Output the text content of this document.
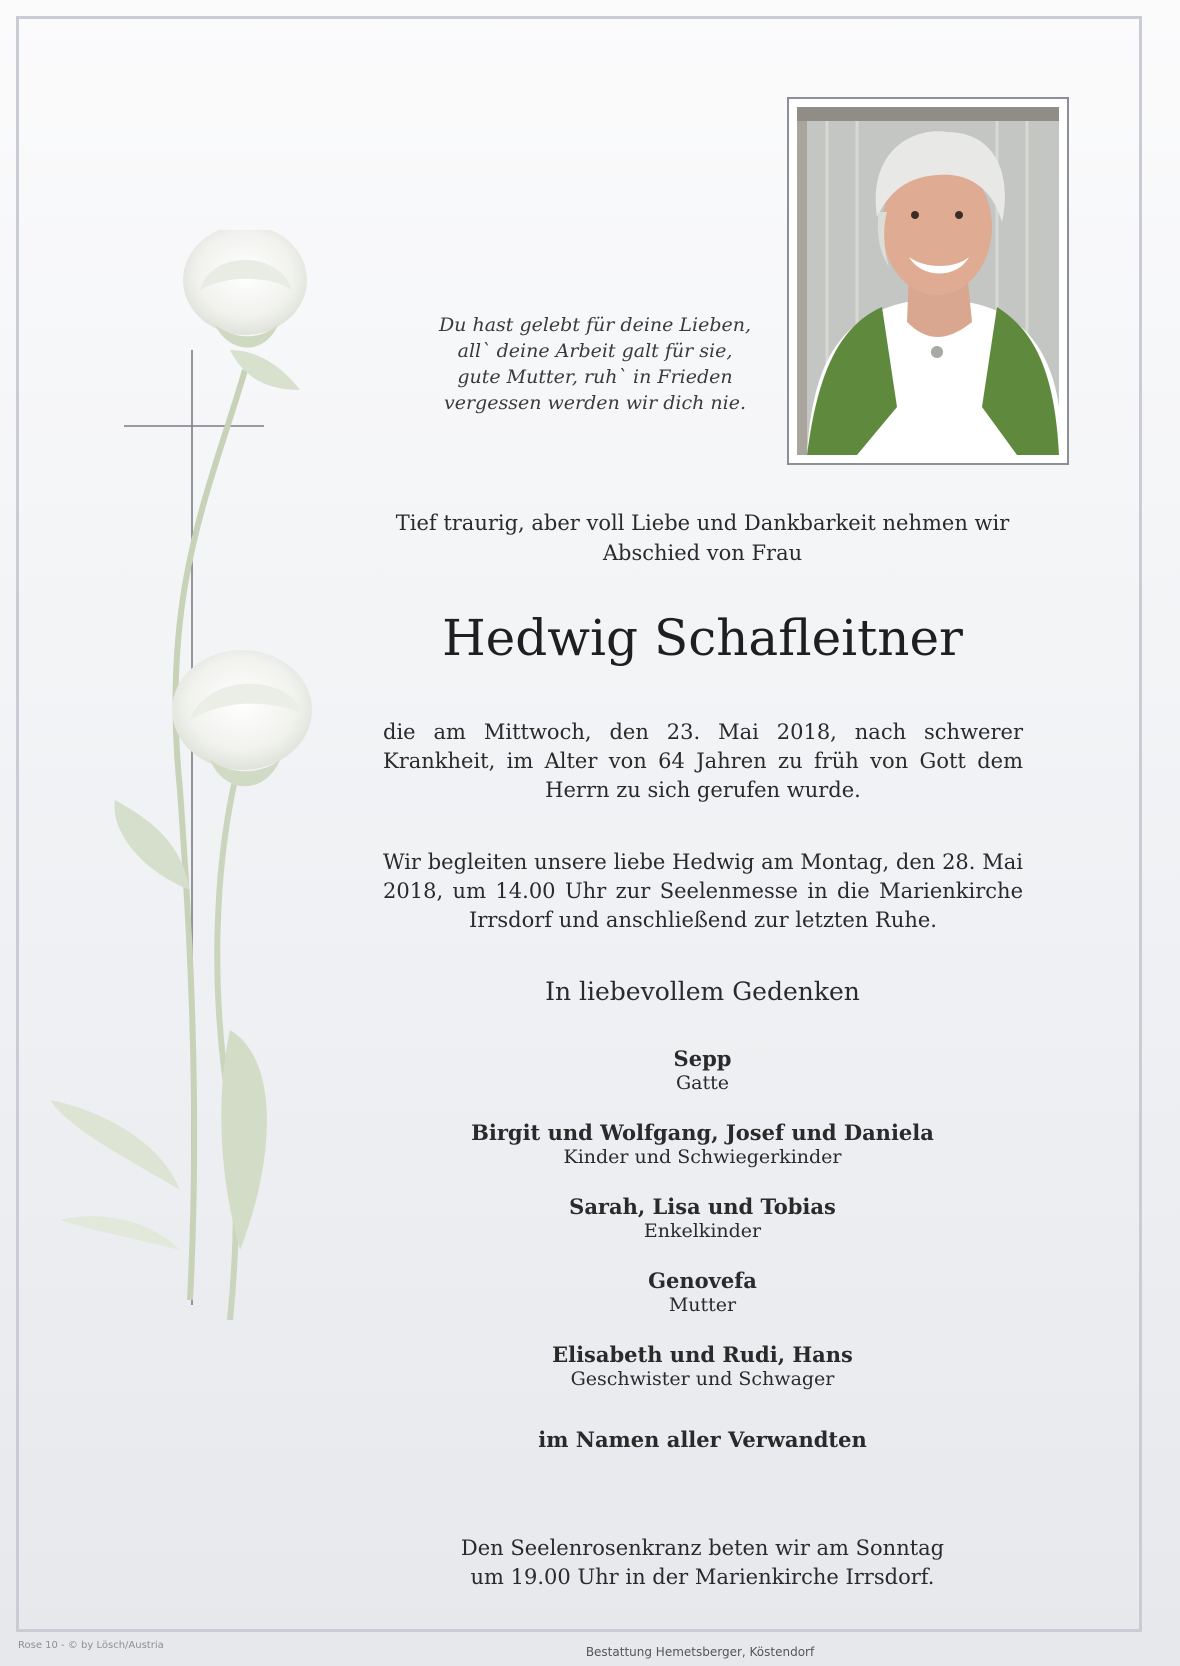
Du hast gelebt für deine Lieben,
all` deine Arbeit galt für sie,
gute Mutter, ruh` in Frieden
vergessen werden wir dich nie.
Tief traurig, aber voll Liebe und Dankbarkeit nehmen wir
Abschied von Frau
Hedwig Schafleitner
die am Mittwoch, den 23. Mai 2018, nach schwerer Krankheit, im Alter von 64 Jahren zu früh von Gott dem Herrn zu sich gerufen wurde.
Wir begleiten unsere liebe Hedwig am Montag, den 28. Mai 2018, um 14.00 Uhr zur Seelenmesse in die Marienkirche Irrsdorf und anschließend zur letzten Ruhe.
In liebevollem Gedenken
Sepp
Gatte
Birgit und Wolfgang, Josef und Daniela
Kinder und Schwiegerkinder
Sarah, Lisa und Tobias
Enkelkinder
Genovefa
Mutter
Elisabeth und Rudi, Hans
Geschwister und Schwager
im Namen aller Verwandten
Den Seelenrosenkranz beten wir am Sonntag
um 19.00 Uhr in der Marienkirche Irrsdorf.
Rose 10 - © by Lösch/Austria	Bestattung Hemetsberger, Köstendorf
